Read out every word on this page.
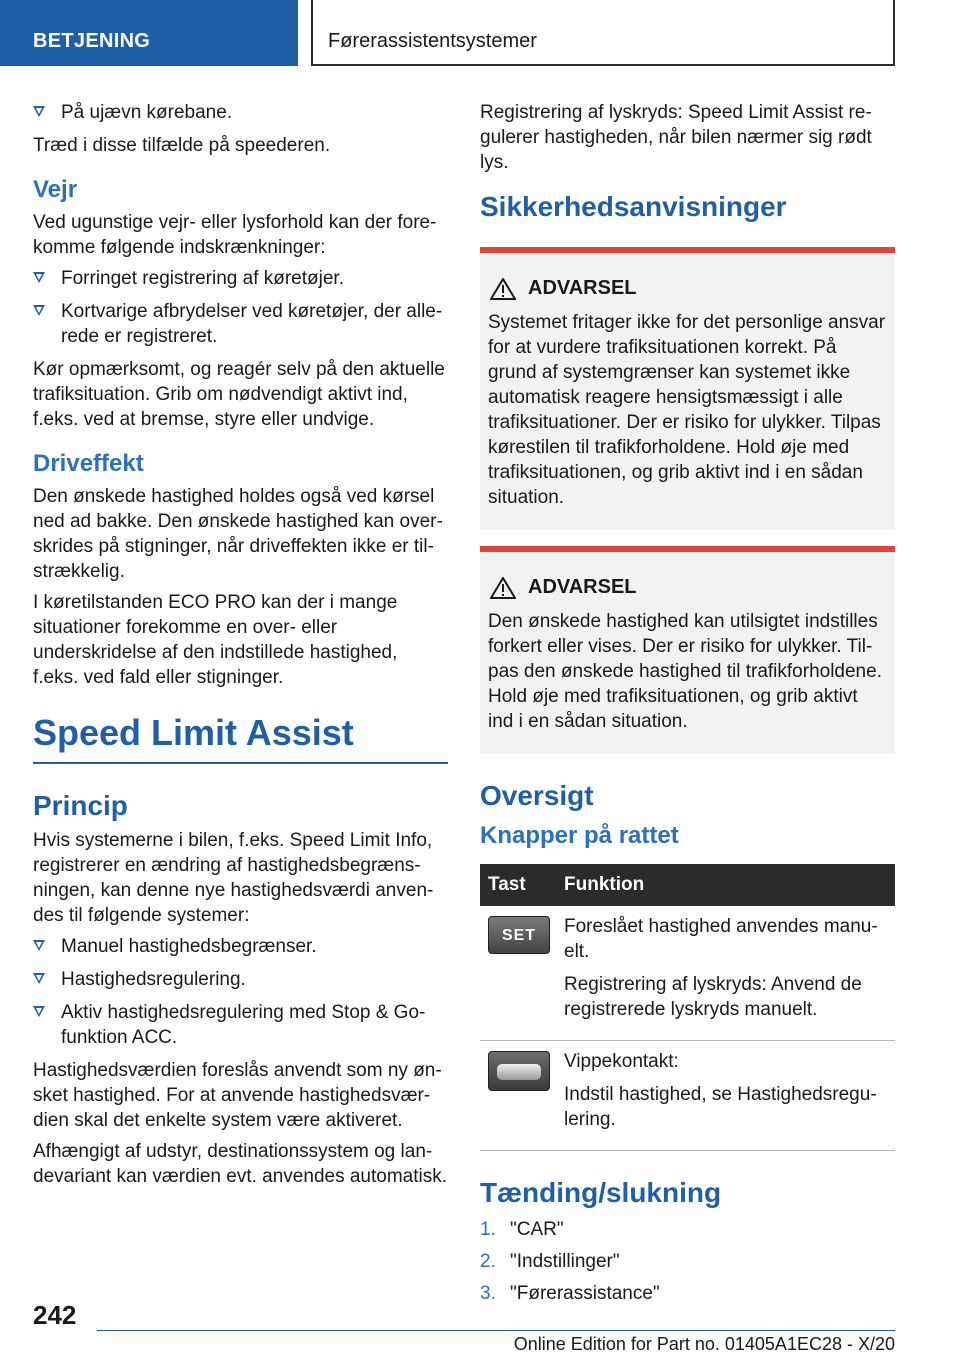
BETJENING	Førerassistentsystemer
På ujævn kørebane.

Træd i disse tilfælde på speederen.

Vejr

Ved ugunstige vejr- eller lysforhold kan der forekomme følgende indskrænkninger:

Forringet registrering af køretøjer.
Kortvarige afbrydelser ved køretøjer, der allerede er registreret.

Kør opmærksomt, og reagér selv på den aktuelle trafiksituation. Grib om nødvendigt aktivt ind, f.eks. ved at bremse, styre eller undvige.

Driveffekt

Den ønskede hastighed holdes også ved kørsel ned ad bakke. Den ønskede hastighed kan overskrides på stigninger, når driveffekten ikke er tilstrækkelig.

I køretilstanden ECO PRO kan der i mange situationer forekomme en over- eller underskridelse af den indstillede hastighed, f.eks. ved fald eller stigninger.

Speed Limit Assist
Princip

Hvis systemerne i bilen, f.eks. Speed Limit Info, registrerer en ændring af hastighedsbegrænsningen, kan denne nye hastighedsværdi anvendes til følgende systemer:

Manuel hastighedsbegrænser.
Hastighedsregulering.
Aktiv hastighedsregulering med Stop & Go-funktion ACC.

Hastighedsværdien foreslås anvendt som ny ønsket hastighed. For at anvende hastighedsværdien skal det enkelte system være aktiveret.

Afhængigt af udstyr, destinationssystem og landevariant kan værdien evt. anvendes automatisk.

Registrering af lyskryds: Speed Limit Assist regulerer hastigheden, når bilen nærmer sig rødt lys.

Sikkerhedsanvisninger
ADVARSEL

Systemet fritager ikke for det personlige ansvar for at vurdere trafiksituationen korrekt. På grund af systemgrænser kan systemet ikke automatisk reagere hensigtsmæssigt i alle trafiksituationer. Der er risiko for ulykker. Tilpas kørestilen til trafikforholdene. Hold øje med trafiksituationen, og grib aktivt ind i en sådan situation.

ADVARSEL

Den ønskede hastighed kan utilsigtet indstilles forkert eller vises. Der er risiko for ulykker. Tilpas den ønskede hastighed til trafikforholdene. Hold øje med trafiksituationen, og grib aktivt ind i en sådan situation.

Oversigt
Knapper på rattet
Tast	Funktion

SET	Foreslået hastighed anvendes manuelt.

Registrering af lyskryds: Anvend de registrerede lyskryds manuelt.

	Vippekontakt:

Indstil hastighed, se Hastighedsregulering.

Tænding/slukning
1. "CAR"
2. "Indstillinger"
3. "Førerassistance"
242
Online Edition for Part no. 01405A1EC28 - X/20
